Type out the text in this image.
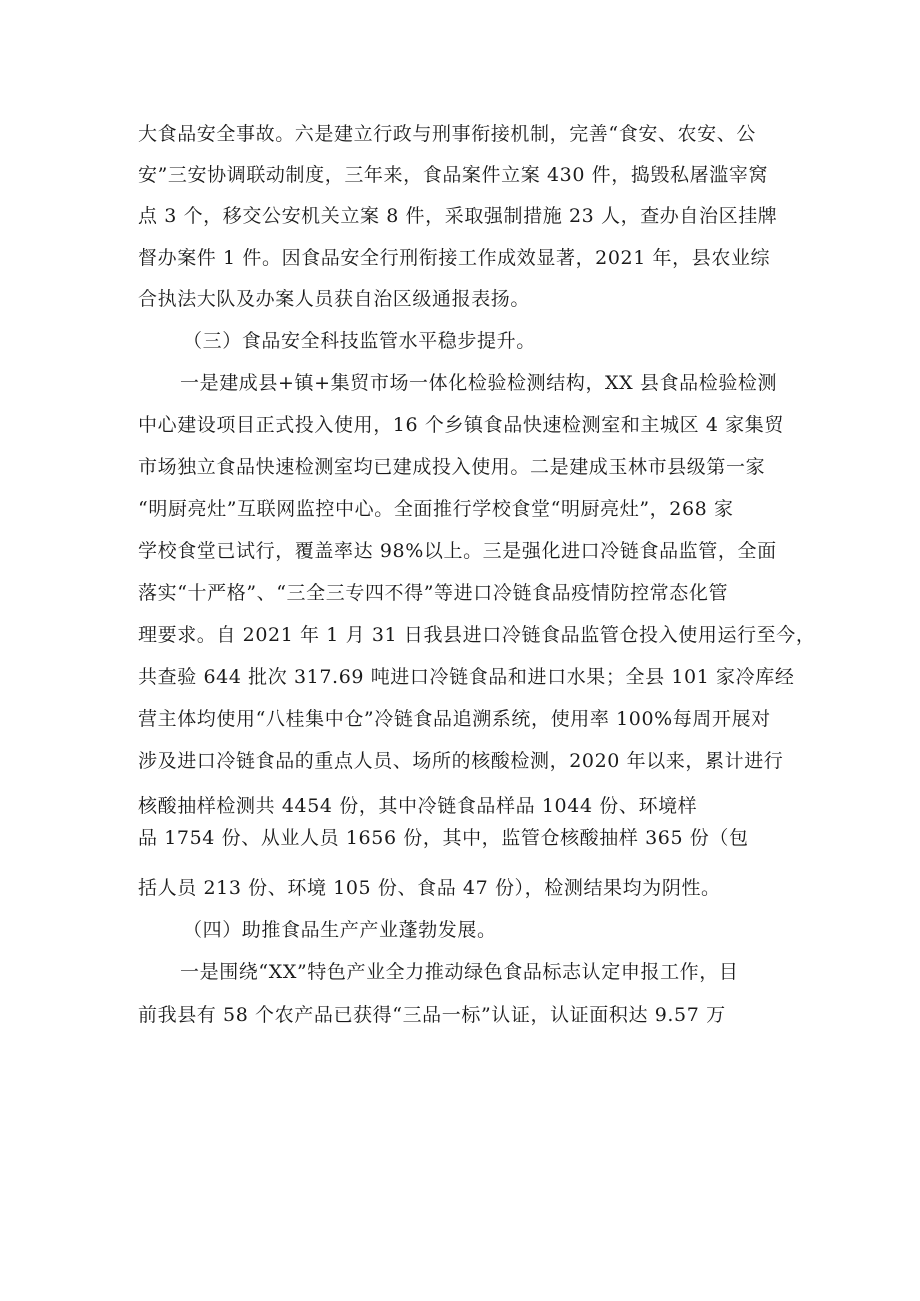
大食品安全事故。六是建立行政与刑事衔接机制，完善“食安、农安、公
安”三安协调联动制度，三年来，食品案件立案 430 件，捣毁私屠滥宰窝
点 3 个，移交公安机关立案 8 件，采取强制措施 23 人，查办自治区挂牌
督办案件 1 件。因食品安全行刑衔接工作成效显著，2021 年，县农业综
合执法大队及办案人员获自治区级通报表扬。
（三）食品安全科技监管水平稳步提升。
一是建成县+镇+集贸市场一体化检验检测结构，XX 县食品检验检测
中心建设项目正式投入使用，16 个乡镇食品快速检测室和主城区 4 家集贸
市场独立食品快速检测室均已建成投入使用。二是建成玉林市县级第一家
“明厨亮灶”互联网监控中心。全面推行学校食堂“明厨亮灶”，268 家
学校食堂已试行，覆盖率达 98%以上。三是强化进口冷链食品监管，全面
落实“十严格”、“三全三专四不得”等进口冷链食品疫情防控常态化管
理要求。自 2021 年 1 月 31 日我县进口冷链食品监管仓投入使用运行至今，
共查验 644 批次 317.69 吨进口冷链食品和进口水果；全县 101 家冷库经
营主体均使用“八桂集中仓”冷链食品追溯系统，使用率 100%每周开展对
涉及进口冷链食品的重点人员、场所的核酸检测，2020 年以来，累计进行
核酸抽样检测共 4454 份，其中冷链食品样品 1044 份、环境样
品 1754 份、从业人员 1656 份，其中，监管仓核酸抽样 365 份（包
括人员 213 份、环境 105 份、食品 47 份），检测结果均为阴性。
（四）助推食品生产产业蓬勃发展。
一是围绕“XX”特色产业全力推动绿色食品标志认定申报工作，目
前我县有 58 个农产品已获得“三品一标”认证，认证面积达 9.57 万
